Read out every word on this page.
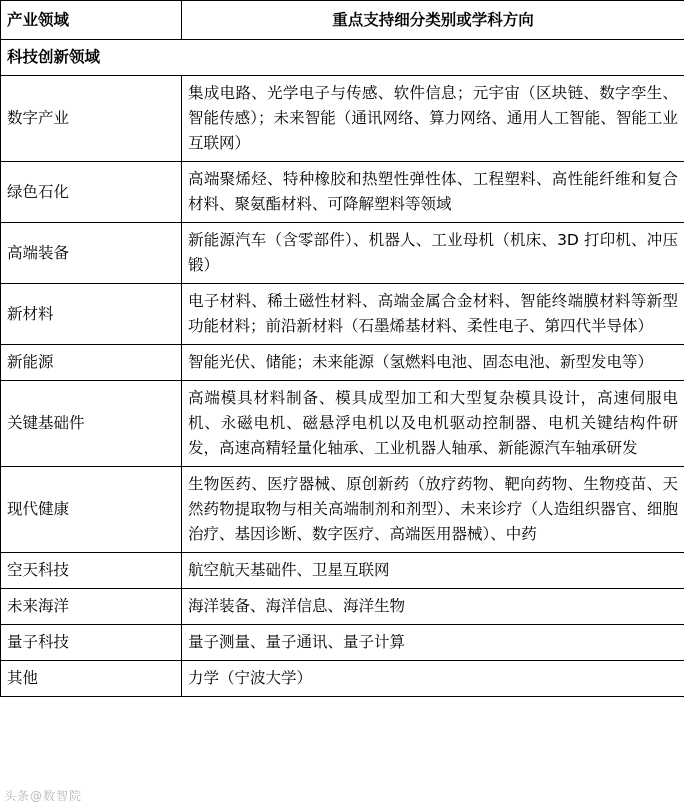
产业领域	重点支持细分类别或学科方向
科技创新领域	
数字产业	集成电路、光学电子与传感、软件信息；元宇宙（区块链、数字孪生、智能传感）；未来智能（通讯网络、算力网络、通用人工智能、智能工业互联网）
绿色石化	高端聚烯烃、特种橡胶和热塑性弹性体、工程塑料、高性能纤维和复合材料、聚氨酯材料、可降解塑料等领域
高端装备	新能源汽车（含零部件）、机器人、工业母机（机床、3D 打印机、冲压锻）
新材料	电子材料、稀土磁性材料、高端金属合金材料、智能终端膜材料等新型功能材料；前沿新材料（石墨烯基材料、柔性电子、第四代半导体）
新能源	智能光伏、储能；未来能源（氢燃料电池、固态电池、新型发电等）
关键基础件	高端模具材料制备、模具成型加工和大型复杂模具设计，高速伺服电机、永磁电机、磁悬浮电机以及电机驱动控制器、电机关键结构件研发，高速高精轻量化轴承、工业机器人轴承、新能源汽车轴承研发
现代健康	生物医药、医疗器械、原创新药（放疗药物、靶向药物、生物疫苗、天然药物提取物与相关高端制剂和剂型）、未来诊疗（人造组织器官、细胞治疗、基因诊断、数字医疗、高端医用器械）、中药
空天科技	航空航天基础件、卫星互联网
未来海洋	海洋装备、海洋信息、海洋生物
量子科技	量子测量、量子通讯、量子计算
其他	力学（宁波大学）
头条@数智院
